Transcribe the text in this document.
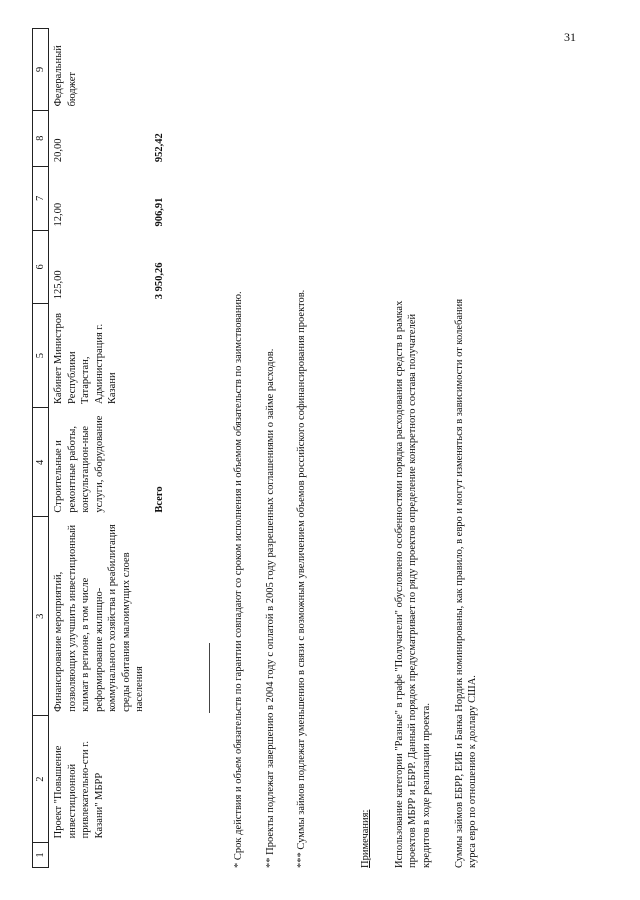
31
1	2	3	4	5	6	7	8	9
	Проект "Повышение инвестиционной привлекательно-сти г. Казани" МБРР	Финансирование мероприятий, позволяющих улучшить инвестиционный климат в регионе, в том числе реформирование жилищно-коммунального хозяйства и реабилитация среды обитания малоимущих слоев населения	Строительные и ремонтные работы, консультацион-ные услуги, оборудование	Кабинет Министров Республики Татарстан, Администрация г. Казани	125,00	12,00	20,00	Федеральный бюджет
			Всего		3 950,26	906,91	952,42	

* Срок действия и объем обязательств по гарантии совпадают со сроком исполнения и объемом обязательств по заимствованию. ** Проекты подлежат завершению в 2004 году с оплатой в 2005 году разрешенных соглашениями о займе расходов. *** Суммы займов подлежат уменьшению в связи с возможным увеличением объемов российского софинансирования проектов.	Примечания: Использование категории "Разные" в графе "Получатели" обусловлено особенностями порядка расходования средств в рамках проектов МБРР и ЕБРР. Данный порядок предусматривает по ряду проектов определение конкретного состава получателей кредитов в ходе реализации проекта. Суммы займов ЕБРР, ЕИБ и Банка Нордик номинированы, как правило, в евро и могут изменяться в зависимости от колебания курса евро по отношению к доллару США.
